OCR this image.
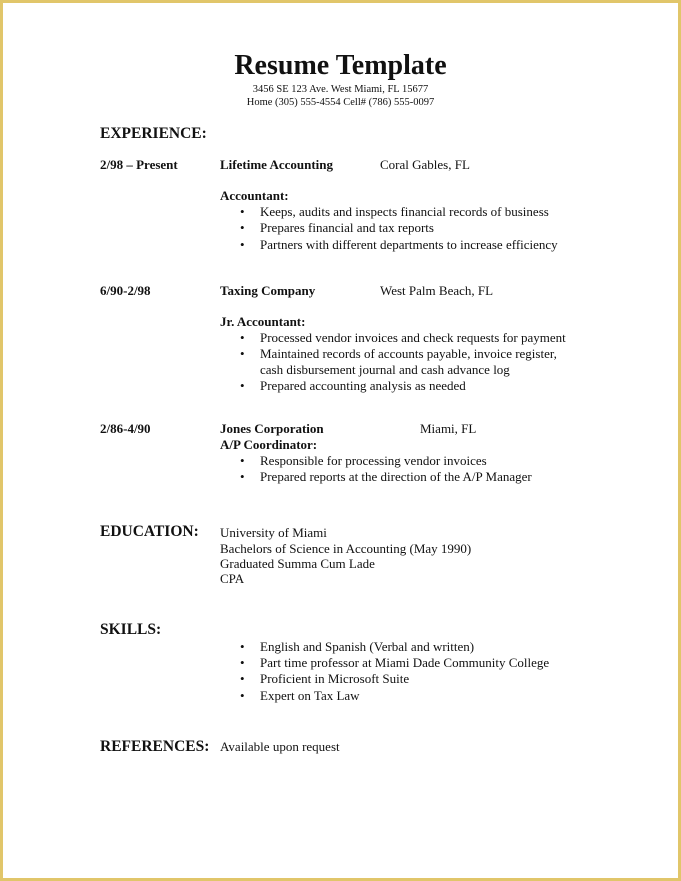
Resume Template
3456 SE 123 Ave. West Miami, FL 15677
Home (305) 555-4554 Cell# (786) 555-0097
EXPERIENCE:
2/98 – Present	Lifetime Accounting	Coral Gables, FL
Accountant:
• Keeps, audits and inspects financial records of business
• Prepares financial and tax reports
• Partners with different departments to increase efficiency
6/90-2/98	Taxing Company	West Palm Beach, FL
Jr. Accountant:
• Processed vendor invoices and check requests for payment
• Maintained records of accounts payable, invoice register,
cash disbursement journal and cash advance log
• Prepared accounting analysis as needed
2/86-4/90	Jones Corporation	Miami, FL
A/P Coordinator:
• Responsible for processing vendor invoices
• Prepared reports at the direction of the A/P Manager
EDUCATION: University of Miami
Bachelors of Science in Accounting (May 1990)
Graduated Summa Cum Lade
CPA
SKILLS:
• English and Spanish (Verbal and written)
• Part time professor at Miami Dade Community College
• Proficient in Microsoft Suite
• Expert on Tax Law
REFERENCES: Available upon request
